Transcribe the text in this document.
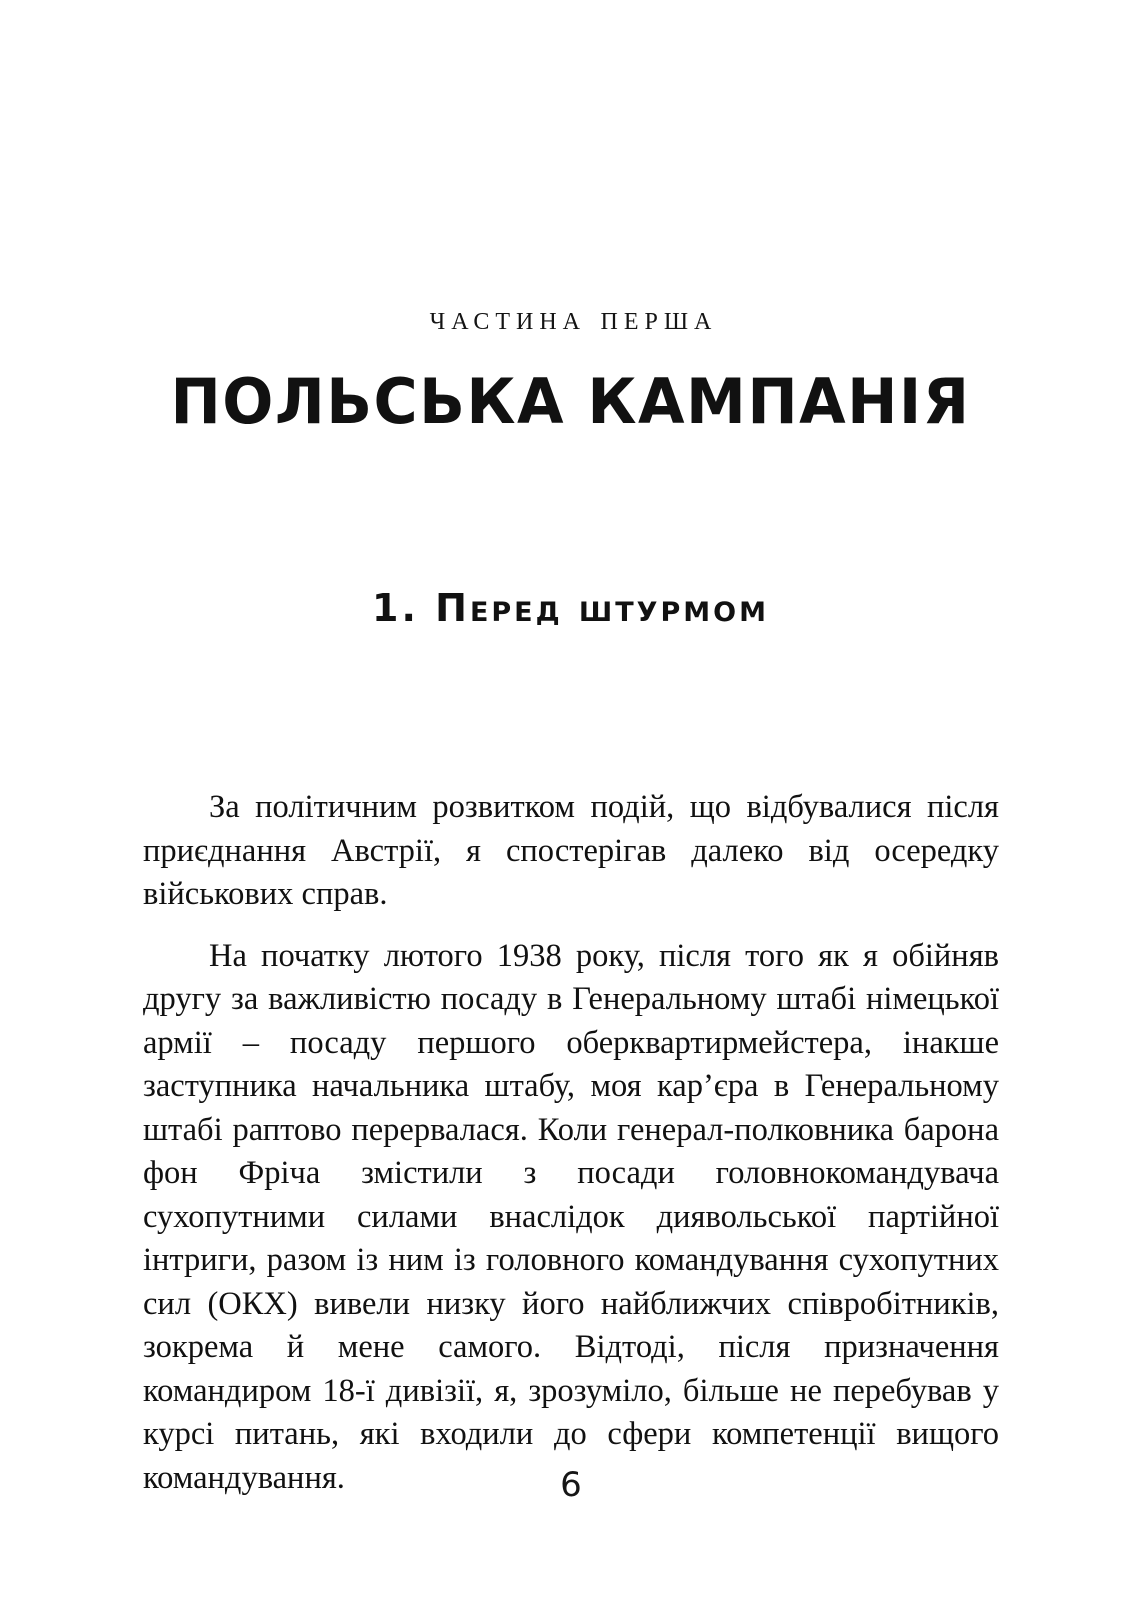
частина перша
ПОЛЬСЬКА КАМПАНІЯ
1. Перед штурмом

За політичним розвитком подій, що відбувалися після приєднання Австрії, я спостерігав далеко від осередку військових справ.

На початку лютого 1938 року, після того як я обійняв другу за важливістю посаду в Генеральному штабі німецької армії – посаду першого оберквартирмейстера, інакше заступника начальника штабу, моя кар’єра в Генеральному штабі раптово перервалася. Коли генерал-полковника барона фон Фріча змістили з посади головнокомандувача сухопутними силами внаслідок диявольської партійної інтриги, разом із ним із головного командування сухопутних сил (ОКХ) вивели низку його найближчих співробітників, зокрема й мене самого. Відтоді, після призначення командиром 18-ї дивізії, я, зрозуміло, більше не перебував у курсі питань, які входили до сфери компетенції вищого командування.	6
